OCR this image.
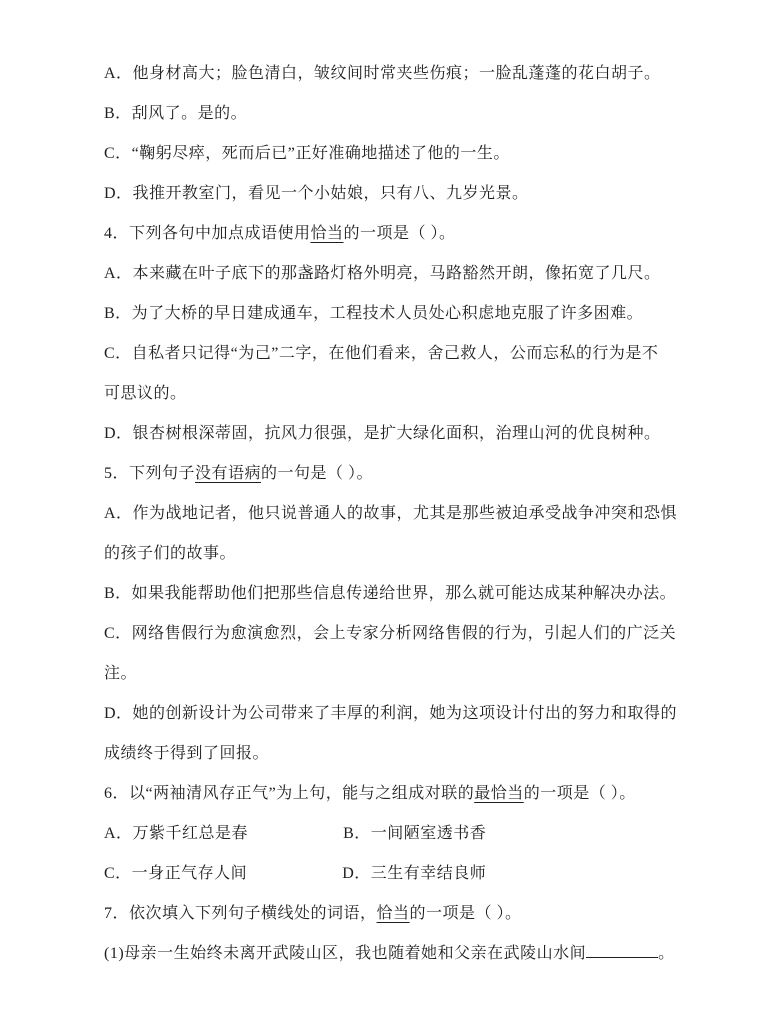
A．他身材高大；脸色清白，皱纹间时常夹些伤痕；一脸乱蓬蓬的花白胡子。
B．刮风了。是的。
C．“鞠躬尽瘁，死而后已”正好准确地描述了他的一生。
D．我推开教室门，看见一个小姑娘，只有八、九岁光景。
4．下列各句中加点成语使用恰当的一项是（ ）。
A．本来藏在叶子底下的那盏路灯格外明亮，马路豁然开朗，像拓宽了几尺。
B．为了大桥的早日建成通车，工程技术人员处心积虑地克服了许多困难。
C．自私者只记得“为己”二字，在他们看来，舍己救人，公而忘私的行为是不
可思议的。
D．银杏树根深蒂固，抗风力很强，是扩大绿化面积，治理山河的优良树种。
5．下列句子没有语病的一句是（ ）。
A．作为战地记者，他只说普通人的故事，尤其是那些被迫承受战争冲突和恐惧
的孩子们的故事。
B．如果我能帮助他们把那些信息传递给世界，那么就可能达成某种解决办法。
C．网络售假行为愈演愈烈，会上专家分析网络售假的行为，引起人们的广泛关
注。
D．她的创新设计为公司带来了丰厚的利润，她为这项设计付出的努力和取得的
成绩终于得到了回报。
6．以“两袖清风存正气”为上句，能与之组成对联的最恰当的一项是（ ）。
A．万紫千红总是春	B．一间陋室透书香
C．一身正气存人间	D．三生有幸结良师
7．依次填入下列句子横线处的词语，恰当的一项是（ ）。
(1)母亲一生始终未离开武陵山区，我也随着她和父亲在武陵山水间	。
